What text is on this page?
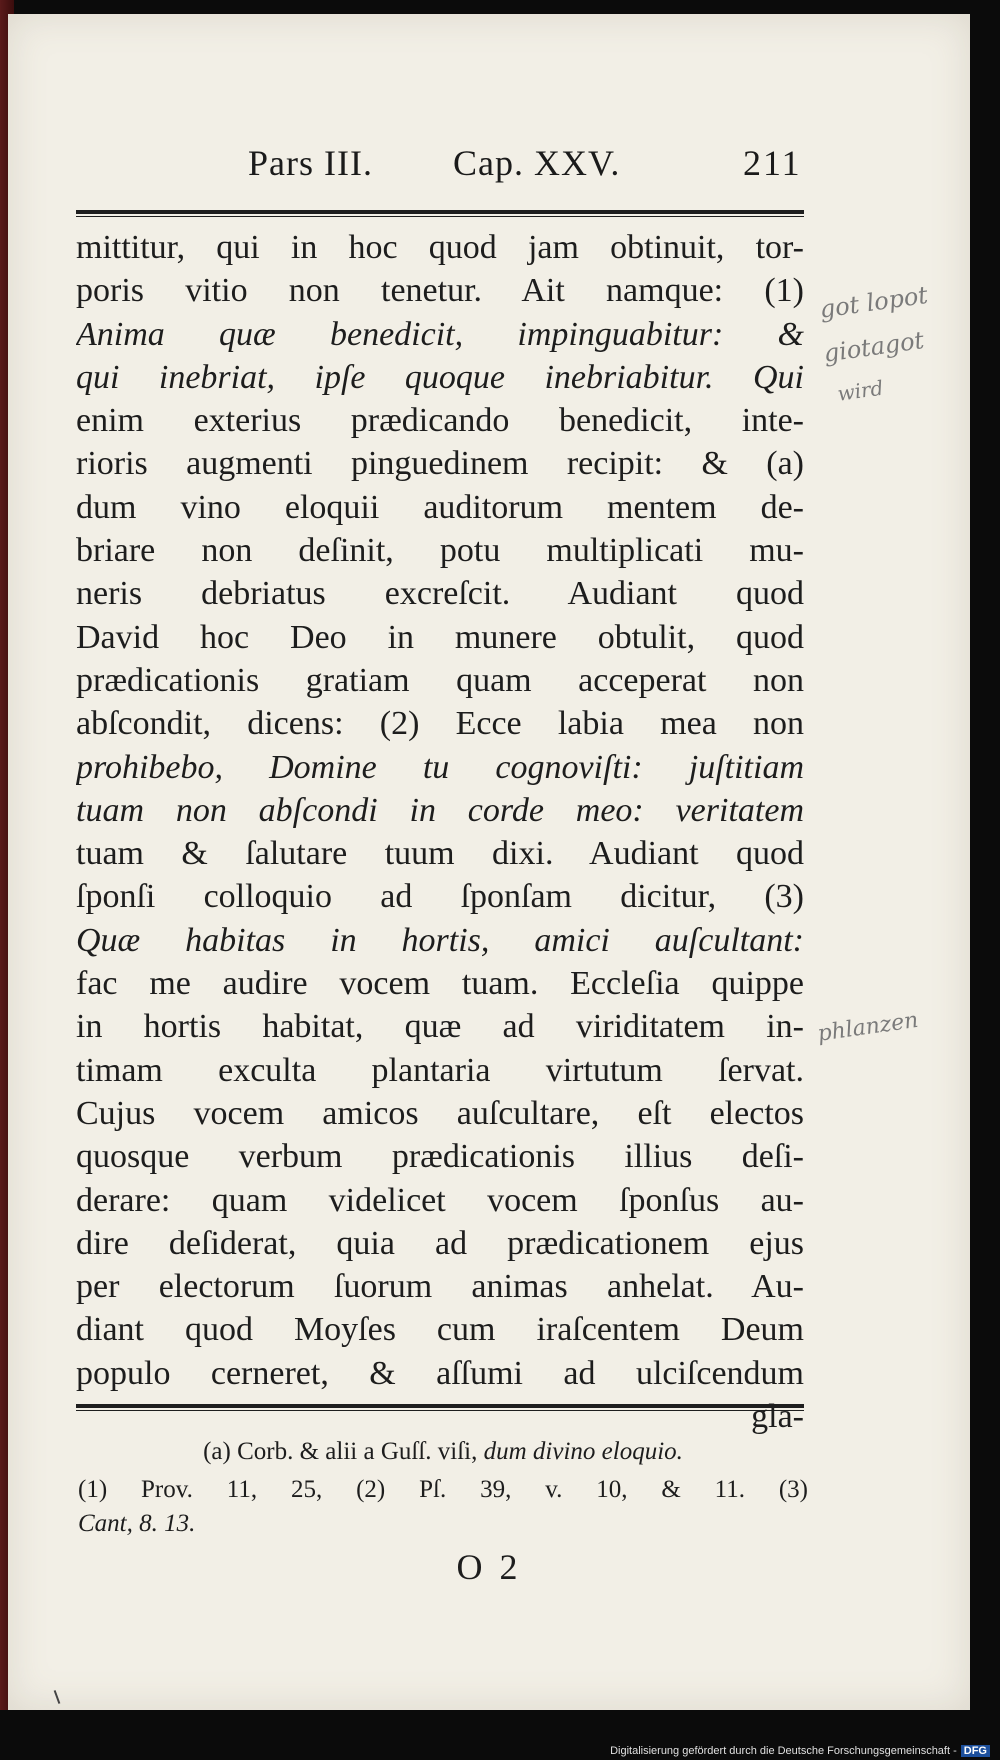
Pars III. Cap. XXV.	211
mittitur, qui in hoc quod jam obtinuit, tor-
poris vitio non tenetur. Ait namque: (1)
Anima quæ benedicit, impinguabitur: &
qui inebriat, ipſe quoque inebriabitur. Qui
enim exterius prædicando benedicit, inte-
rioris augmenti pinguedinem recipit: & (a)
dum vino eloquii auditorum mentem de-
briare non deſinit, potu multiplicati mu-
neris debriatus excreſcit. Audiant quod
David hoc Deo in munere obtulit, quod
prædicationis gratiam quam acceperat non
abſcondit, dicens: (2) Ecce labia mea non
prohibebo, Domine tu cognoviſti: juſtitiam
tuam non abſcondi in corde meo: veritatem
tuam & ſalutare tuum dixi. Audiant quod
ſponſi colloquio ad ſponſam dicitur, (3)
Quæ habitas in hortis, amici auſcultant:
fac me audire vocem tuam. Eccleſia quippe
in hortis habitat, quæ ad viriditatem in-
timam exculta plantaria virtutum ſervat.
Cujus vocem amicos auſcultare, eſt electos
quosque verbum prædicationis illius deſi-
derare: quam videlicet vocem ſponſus au-
dire deſiderat, quia ad prædicationem ejus
per electorum ſuorum animas anhelat. Au-
diant quod Moyſes cum iraſcentem Deum
populo cerneret, & aſſumi ad ulciſcendum
gla-
(a) Corb. & alii a Guſſ. viſi, dum divino eloquio.
(1) Prov. 11, 25, (2) Pſ. 39, v. 10, & 11. (3)
Cant, 8. 13.
O 2
got lopot
giotagot
wird
phlanzen
Digitalisierung gefördert durch die Deutsche Forschungsgemeinschaft - DFG
